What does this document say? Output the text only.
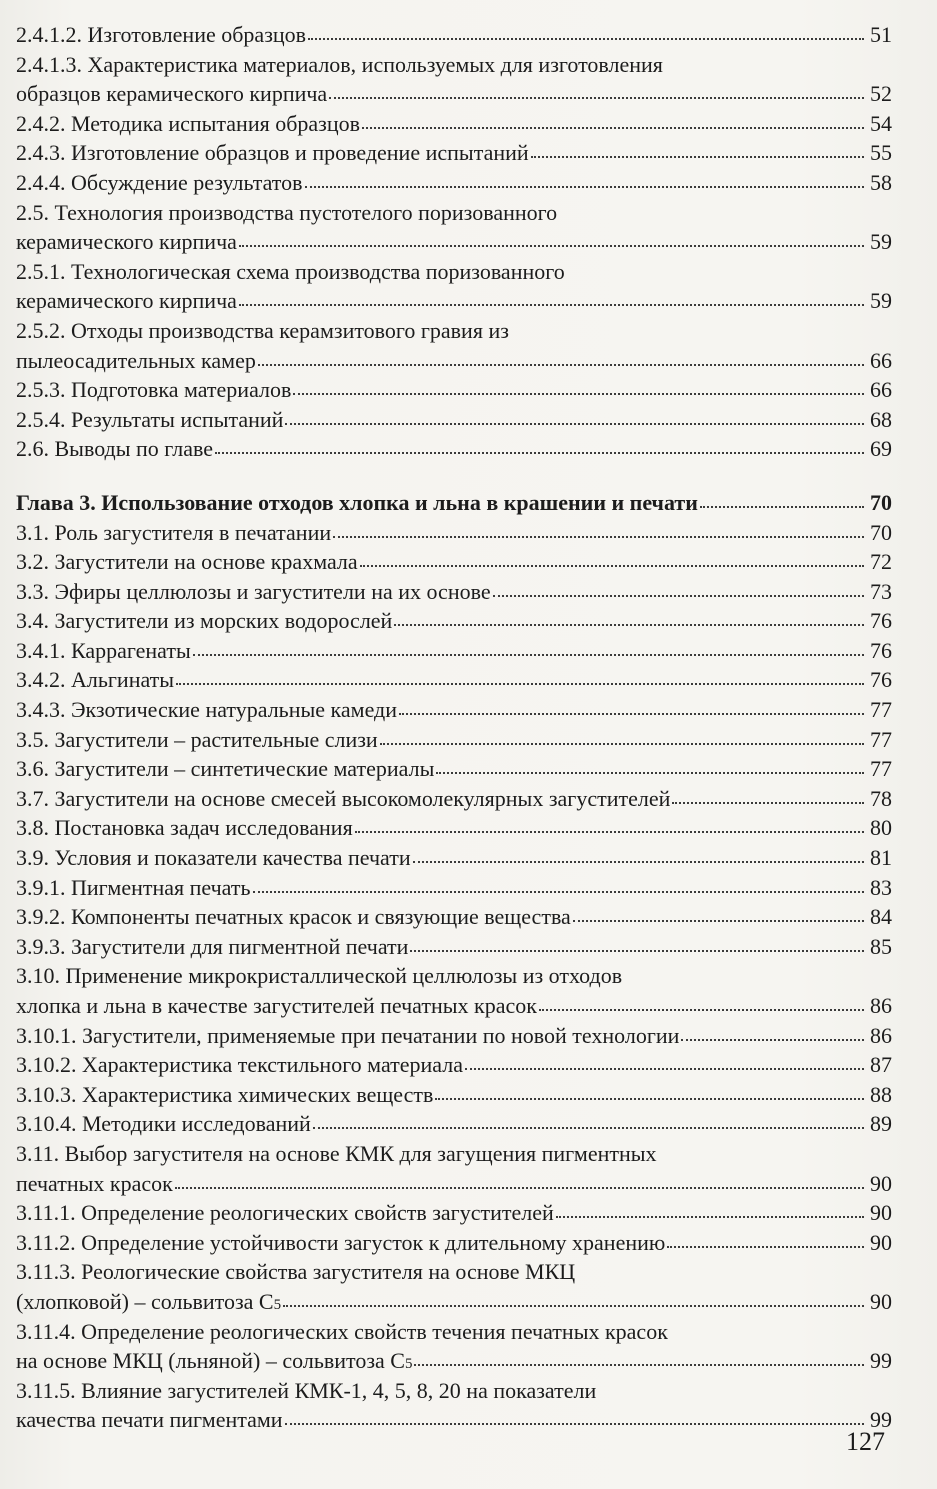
2.4.1.2. Изготовление образцов	51
2.4.1.3. Характеристика материалов, используемых для изготовления
образцов керамического кирпича	52
2.4.2. Методика испытания образцов	54
2.4.3. Изготовление образцов и проведение испытаний	55
2.4.4. Обсуждение результатов	58
2.5. Технология производства пустотелого поризованного
керамического кирпича	59
2.5.1. Технологическая схема производства поризованного
керамического кирпича	59
2.5.2. Отходы производства керамзитового гравия из
пылеосадительных камер	66
2.5.3. Подготовка материалов	66
2.5.4. Результаты испытаний	68
2.6. Выводы по главе	69
Глава 3. Использование отходов хлопка и льна в крашении и печати	70
3.1. Роль загустителя в печатании	70
3.2. Загустители на основе крахмала	72
3.3. Эфиры целлюлозы и загустители на их основе	73
3.4. Загустители из морских водорослей	76
3.4.1. Каррагенаты	76
3.4.2. Альгинаты	76
3.4.3. Экзотические натуральные камеди	77
3.5. Загустители – растительные слизи	77
3.6. Загустители – синтетические материалы	77
3.7. Загустители на основе смесей высокомолекулярных загустителей	78
3.8. Постановка задач исследования	80
3.9. Условия и показатели качества печати	81
3.9.1. Пигментная печать	83
3.9.2. Компоненты печатных красок и связующие вещества	84
3.9.3. Загустители для пигментной печати	85
3.10. Применение микрокристаллической целлюлозы из отходов
хлопка и льна в качестве загустителей печатных красок	86
3.10.1. Загустители, применяемые при печатании по новой технологии	86
3.10.2. Характеристика текстильного материала	87
3.10.3. Характеристика химических веществ	88
3.10.4. Методики исследований	89
3.11. Выбор загустителя на основе КМК для загущения пигментных
печатных красок	90
3.11.1. Определение реологических свойств загустителей	90
3.11.2. Определение устойчивости загусток к длительному хранению	90
3.11.3. Реологические свойства загустителя на основе МКЦ
(хлопковой) – сольвитоза С 5	90
3.11.4. Определение реологических свойств течения печатных красок
на основе МКЦ (льняной) – сольвитоза С 5	99
3.11.5. Влияние загустителей КМК-1, 4, 5, 8, 20 на показатели
качества печати пигментами	99
127
